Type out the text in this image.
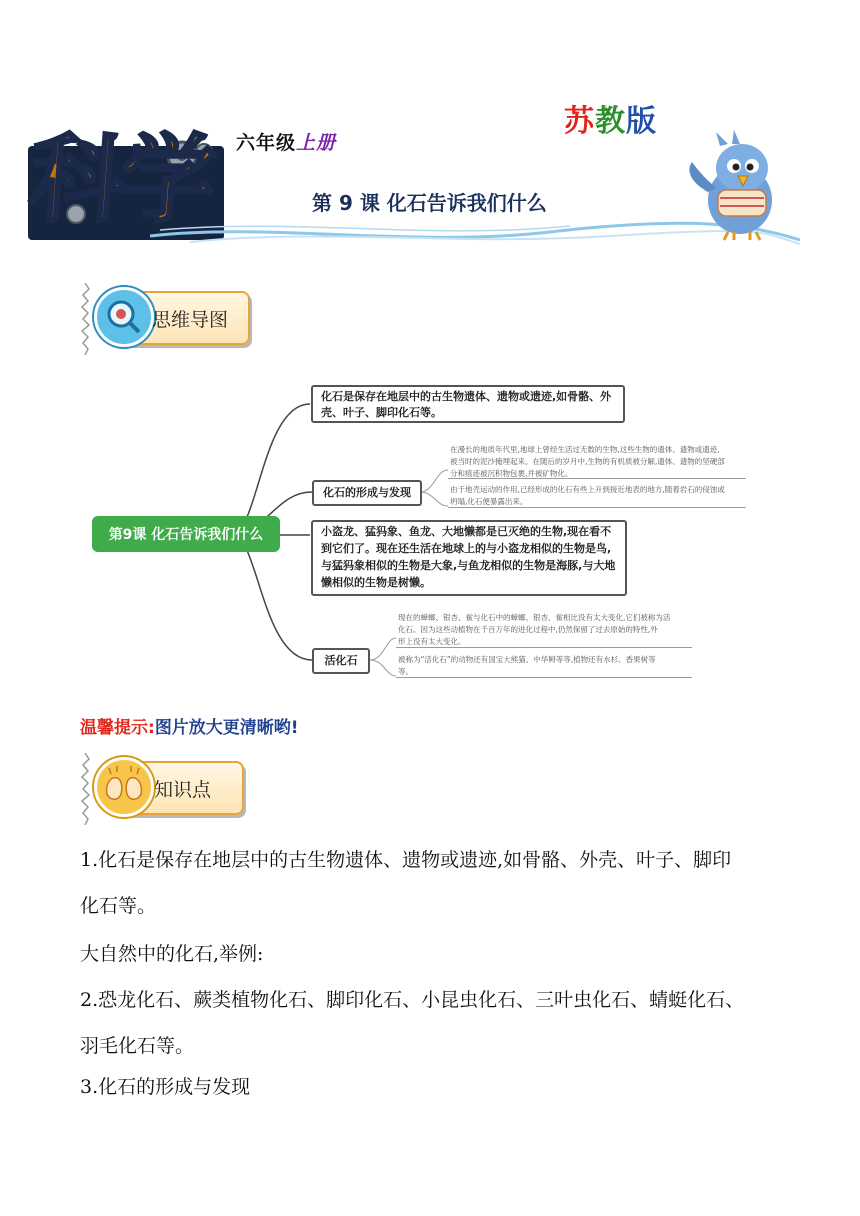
苏教版
六年级上册
科学	第 9 课 化石告诉我们什么
思维导图
第9课 化石告诉我们什么
化石是保存在地层中的古生物遗体、遗物或遗迹,如骨骼、外
壳、叶子、脚印化石等。
化石的形成与发现
在漫长的地质年代里,地球上曾经生活过无数的生物,这些生物的遗体、遗物或遗迹,
被当时的泥沙掩埋起来。在随后的岁月中,生物的有机质被分解,遗体、遗物的坚硬部
分和痕迹被沉积物包裹,并被矿物化。
由于地壳运动的作用,已经形成的化石有些上升到接近地表的地方,随着岩石的侵蚀或
坍塌,化石便暴露出来。
小盗龙、猛犸象、鱼龙、大地懒都是已灭绝的生物,现在看不
到它们了。现在还生活在地球上的与小盗龙相似的生物是鸟,
与猛犸象相似的生物是大象,与鱼龙相似的生物是海豚,与大地
懒相似的生物是树懒。
活化石
现在的蟑螂、银杏、鲎与化石中的蟑螂、银杏、鲎相比没有太大变化,它们被称为活
化石。因为这些动植物在千百万年的进化过程中,仍然保留了过去原始的特性,外
形上没有太大变化。
被称为“活化石”的动物还有国宝大熊猫、中华鲟等等,植物还有水杉、香果树等
等。
温馨提示:图片放大更清晰哟!
知识点
1.化石是保存在地层中的古生物遗体、遗物或遗迹,如骨骼、外壳、叶子、脚印
化石等。
大自然中的化石,举例:
2.恐龙化石、蕨类植物化石、脚印化石、小昆虫化石、三叶虫化石、蜻蜓化石、
羽毛化石等。
3.化石的形成与发现
